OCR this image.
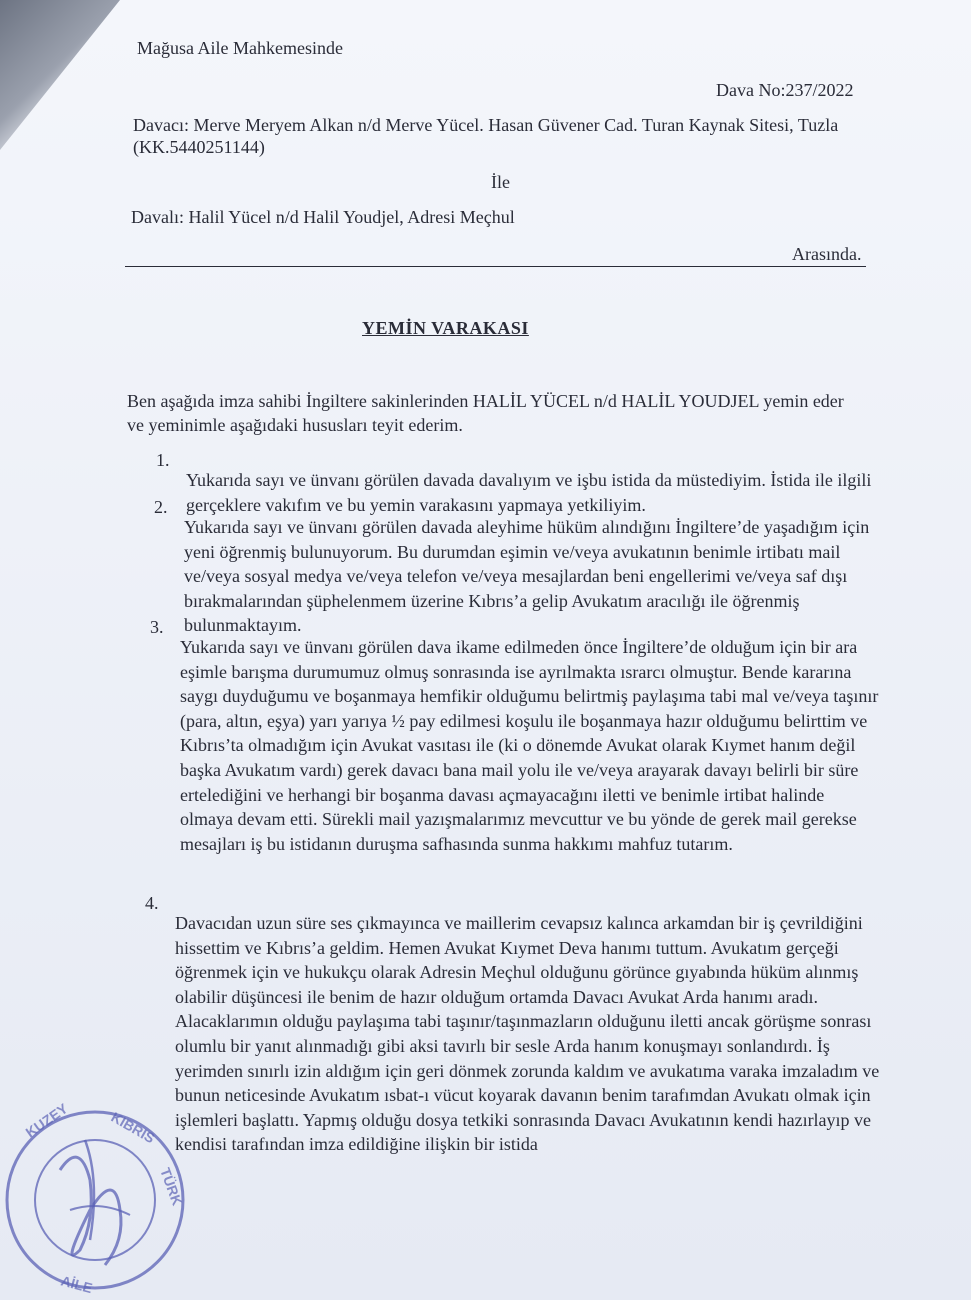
Mağusa Aile Mahkemesinde

Dava No:237/2022

Davacı: Merve Meryem Alkan n/d Merve Yücel. Hasan Güvener Cad. Turan Kaynak Sitesi, Tuzla (KK.5440251144)

İle

Davalı: Halil Yücel n/d Halil Youdjel, Adresi Meçhul

Arasında.

YEMİN VARAKASI

Ben aşağıda imza sahibi İngiltere sakinlerinden HALİL YÜCEL n/d HALİL YOUDJEL yemin eder ve yeminimle aşağıdaki hususları teyit ederim.

1.

Yukarıda sayı ve ünvanı görülen davada davalıyım ve işbu istida da müstediyim. İstida ile ilgili gerçeklere vakıfım ve bu yemin varakasını yapmaya yetkiliyim.

2.

Yukarıda sayı ve ünvanı görülen davada aleyhime hüküm alındığını İngiltere’de yaşadığım için yeni öğrenmiş bulunuyorum. Bu durumdan eşimin ve/veya avukatının benimle irtibatı mail ve/veya sosyal medya ve/veya telefon ve/veya mesajlardan beni engellerimi ve/veya saf dışı bırakmalarından şüphelenmem üzerine Kıbrıs’a gelip Avukatım aracılığı ile öğrenmiş bulunmaktayım.

3.

Yukarıda sayı ve ünvanı görülen dava ikame edilmeden önce İngiltere’de olduğum için bir ara eşimle barışma durumumuz olmuş sonrasında ise ayrılmakta ısrarcı olmuştur. Bende kararına saygı duyduğumu ve boşanmaya hemfikir olduğumu belirtmiş paylaşıma tabi mal ve/veya taşınır (para, altın, eşya) yarı yarıya ½ pay edilmesi koşulu ile boşanmaya hazır olduğumu belirttim ve Kıbrıs’ta olmadığım için Avukat vasıtası ile (ki o dönemde Avukat olarak Kıymet hanım değil başka Avukatım vardı) gerek davacı bana mail yolu ile ve/veya arayarak davayı belirli bir süre ertelediğini ve herhangi bir boşanma davası açmayacağını iletti ve benimle irtibat halinde olmaya devam etti. Sürekli mail yazışmalarımız mevcuttur ve bu yönde de gerek mail gerekse mesajları iş bu istidanın duruşma safhasında sunma hakkımı mahfuz tutarım.

4.

Davacıdan uzun süre ses çıkmayınca ve maillerim cevapsız kalınca arkamdan bir iş çevrildiğini hissettim ve Kıbrıs’a geldim. Hemen Avukat Kıymet Deva hanımı tuttum. Avukatım gerçeği öğrenmek için ve hukukçu olarak Adresin Meçhul olduğunu görünce gıyabında hüküm alınmış olabilir düşüncesi ile benim de hazır olduğum ortamda Davacı Avukat Arda hanımı aradı. Alacaklarımın olduğu paylaşıma tabi taşınır/taşınmazların olduğunu iletti ancak görüşme sonrası olumlu bir yanıt alınmadığı gibi aksi tavırlı bir sesle Arda hanım konuşmayı sonlandırdı. İş yerimden sınırlı izin aldığım için geri dönmek zorunda kaldım ve avukatıma varaka imzaladım ve bunun neticesinde Avukatım ısbat-ı vücut koyarak davanın benim tarafımdan Avukatı olmak için işlemleri başlattı. Yapmış olduğu dosya tetkiki sonrasında Davacı Avukatının kendi hazırlayıp ve kendisi tarafından imza edildiğine ilişkin bir istida

KUZEY	KIBRIS
TÜRK
AİLE
